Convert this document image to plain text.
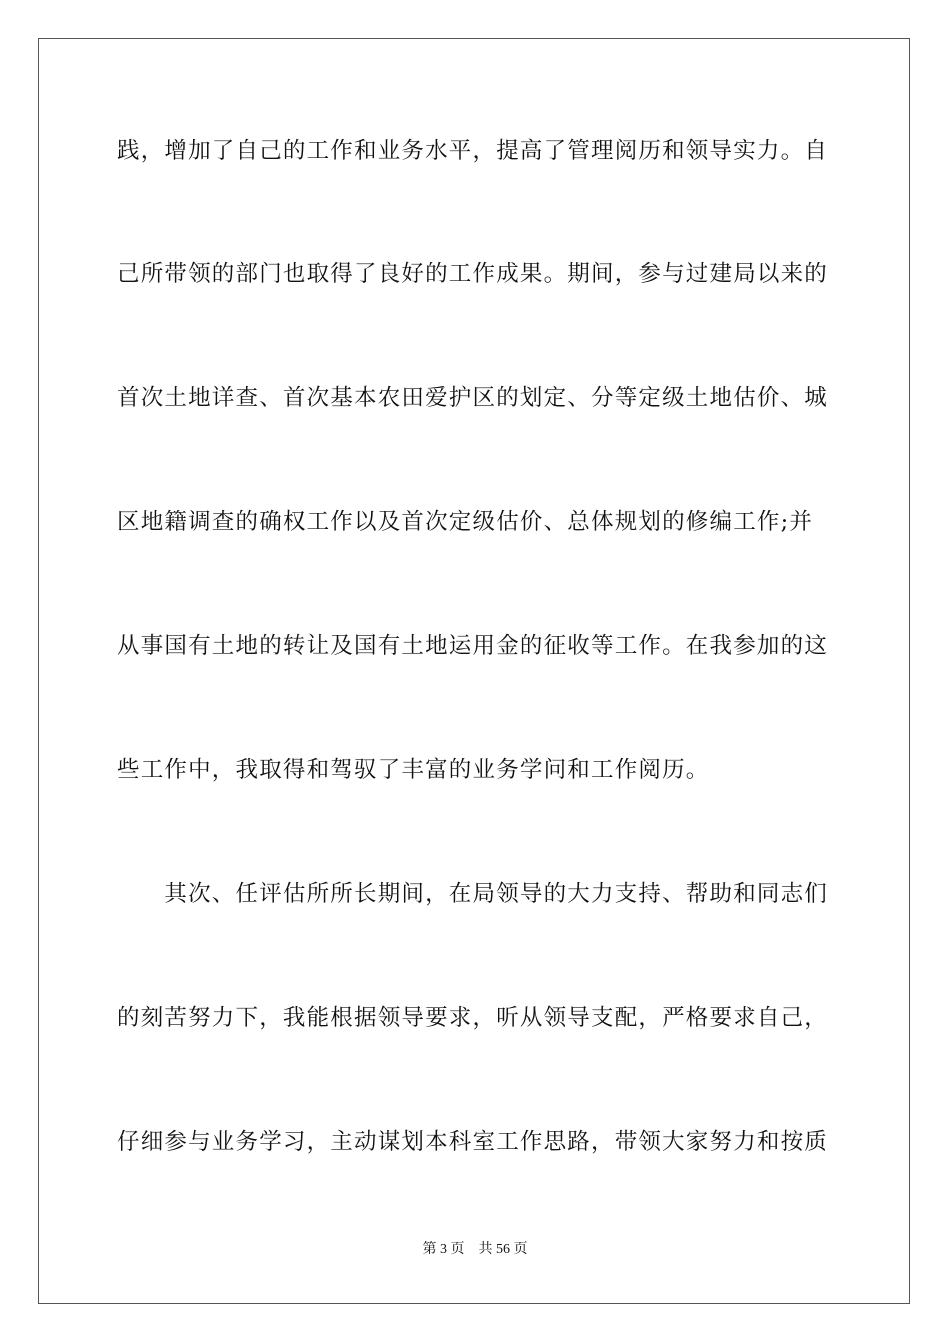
践，增加了自己的工作和业务水平，提高了管理阅历和领导实力。自
己所带领的部门也取得了良好的工作成果。期间，参与过建局以来的
首次土地详查、首次基本农田爱护区的划定、分等定级土地估价、城
区地籍调查的确权工作以及首次定级估价、总体规划的修编工作;并
从事国有土地的转让及国有土地运用金的征收等工作。在我参加的这
些工作中，我取得和驾驭了丰富的业务学问和工作阅历。
　　其次、任评估所所长期间，在局领导的大力支持、帮助和同志们
的刻苦努力下，我能根据领导要求，听从领导支配，严格要求自己，
仔细参与业务学习，主动谋划本科室工作思路，带领大家努力和按质
第 3 页 共 56 页
